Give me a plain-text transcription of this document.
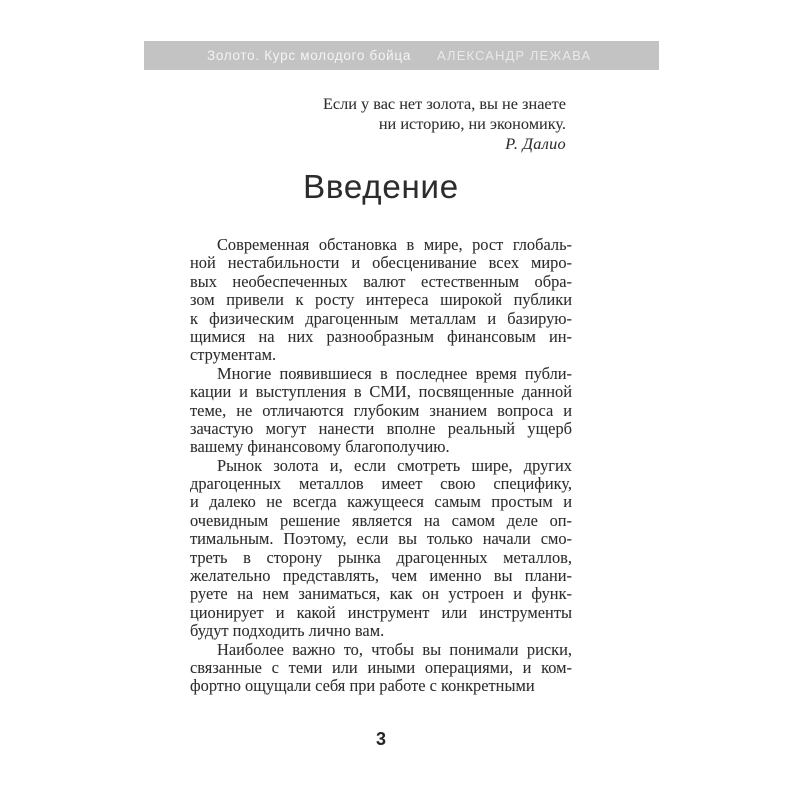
Золото. Курс молодого бойца АЛЕКСАНДР ЛЕЖАВА
Если у вас нет золота, вы не знаете
ни историю, ни экономику.
Р. Далио
Введение
Современная обстановка в мире, рост глобаль-
ной нестабильности и обесценивание всех миро-
вых необеспеченных валют естественным обра-
зом привели к росту интереса широкой публики
к физическим драгоценным металлам и базирую-
щимися на них разнообразным финансовым ин-
струментам.
Многие появившиеся в последнее время публи-
кации и выступления в СМИ, посвященные данной
теме, не отличаются глубоким знанием вопроса и
зачастую могут нанести вполне реальный ущерб
вашему финансовому благополучию.
Рынок золота и, если смотреть шире, других
драгоценных металлов имеет свою специфику,
и далеко не всегда кажущееся самым простым и
очевидным решение является на самом деле оп-
тимальным. Поэтому, если вы только начали смо-
треть в сторону рынка драгоценных металлов,
желательно представлять, чем именно вы плани-
руете на нем заниматься, как он устроен и функ-
ционирует и какой инструмент или инструменты
будут подходить лично вам.
Наиболее важно то, чтобы вы понимали риски,
связанные с теми или иными операциями, и ком-
фортно ощущали себя при работе с конкретными
3
